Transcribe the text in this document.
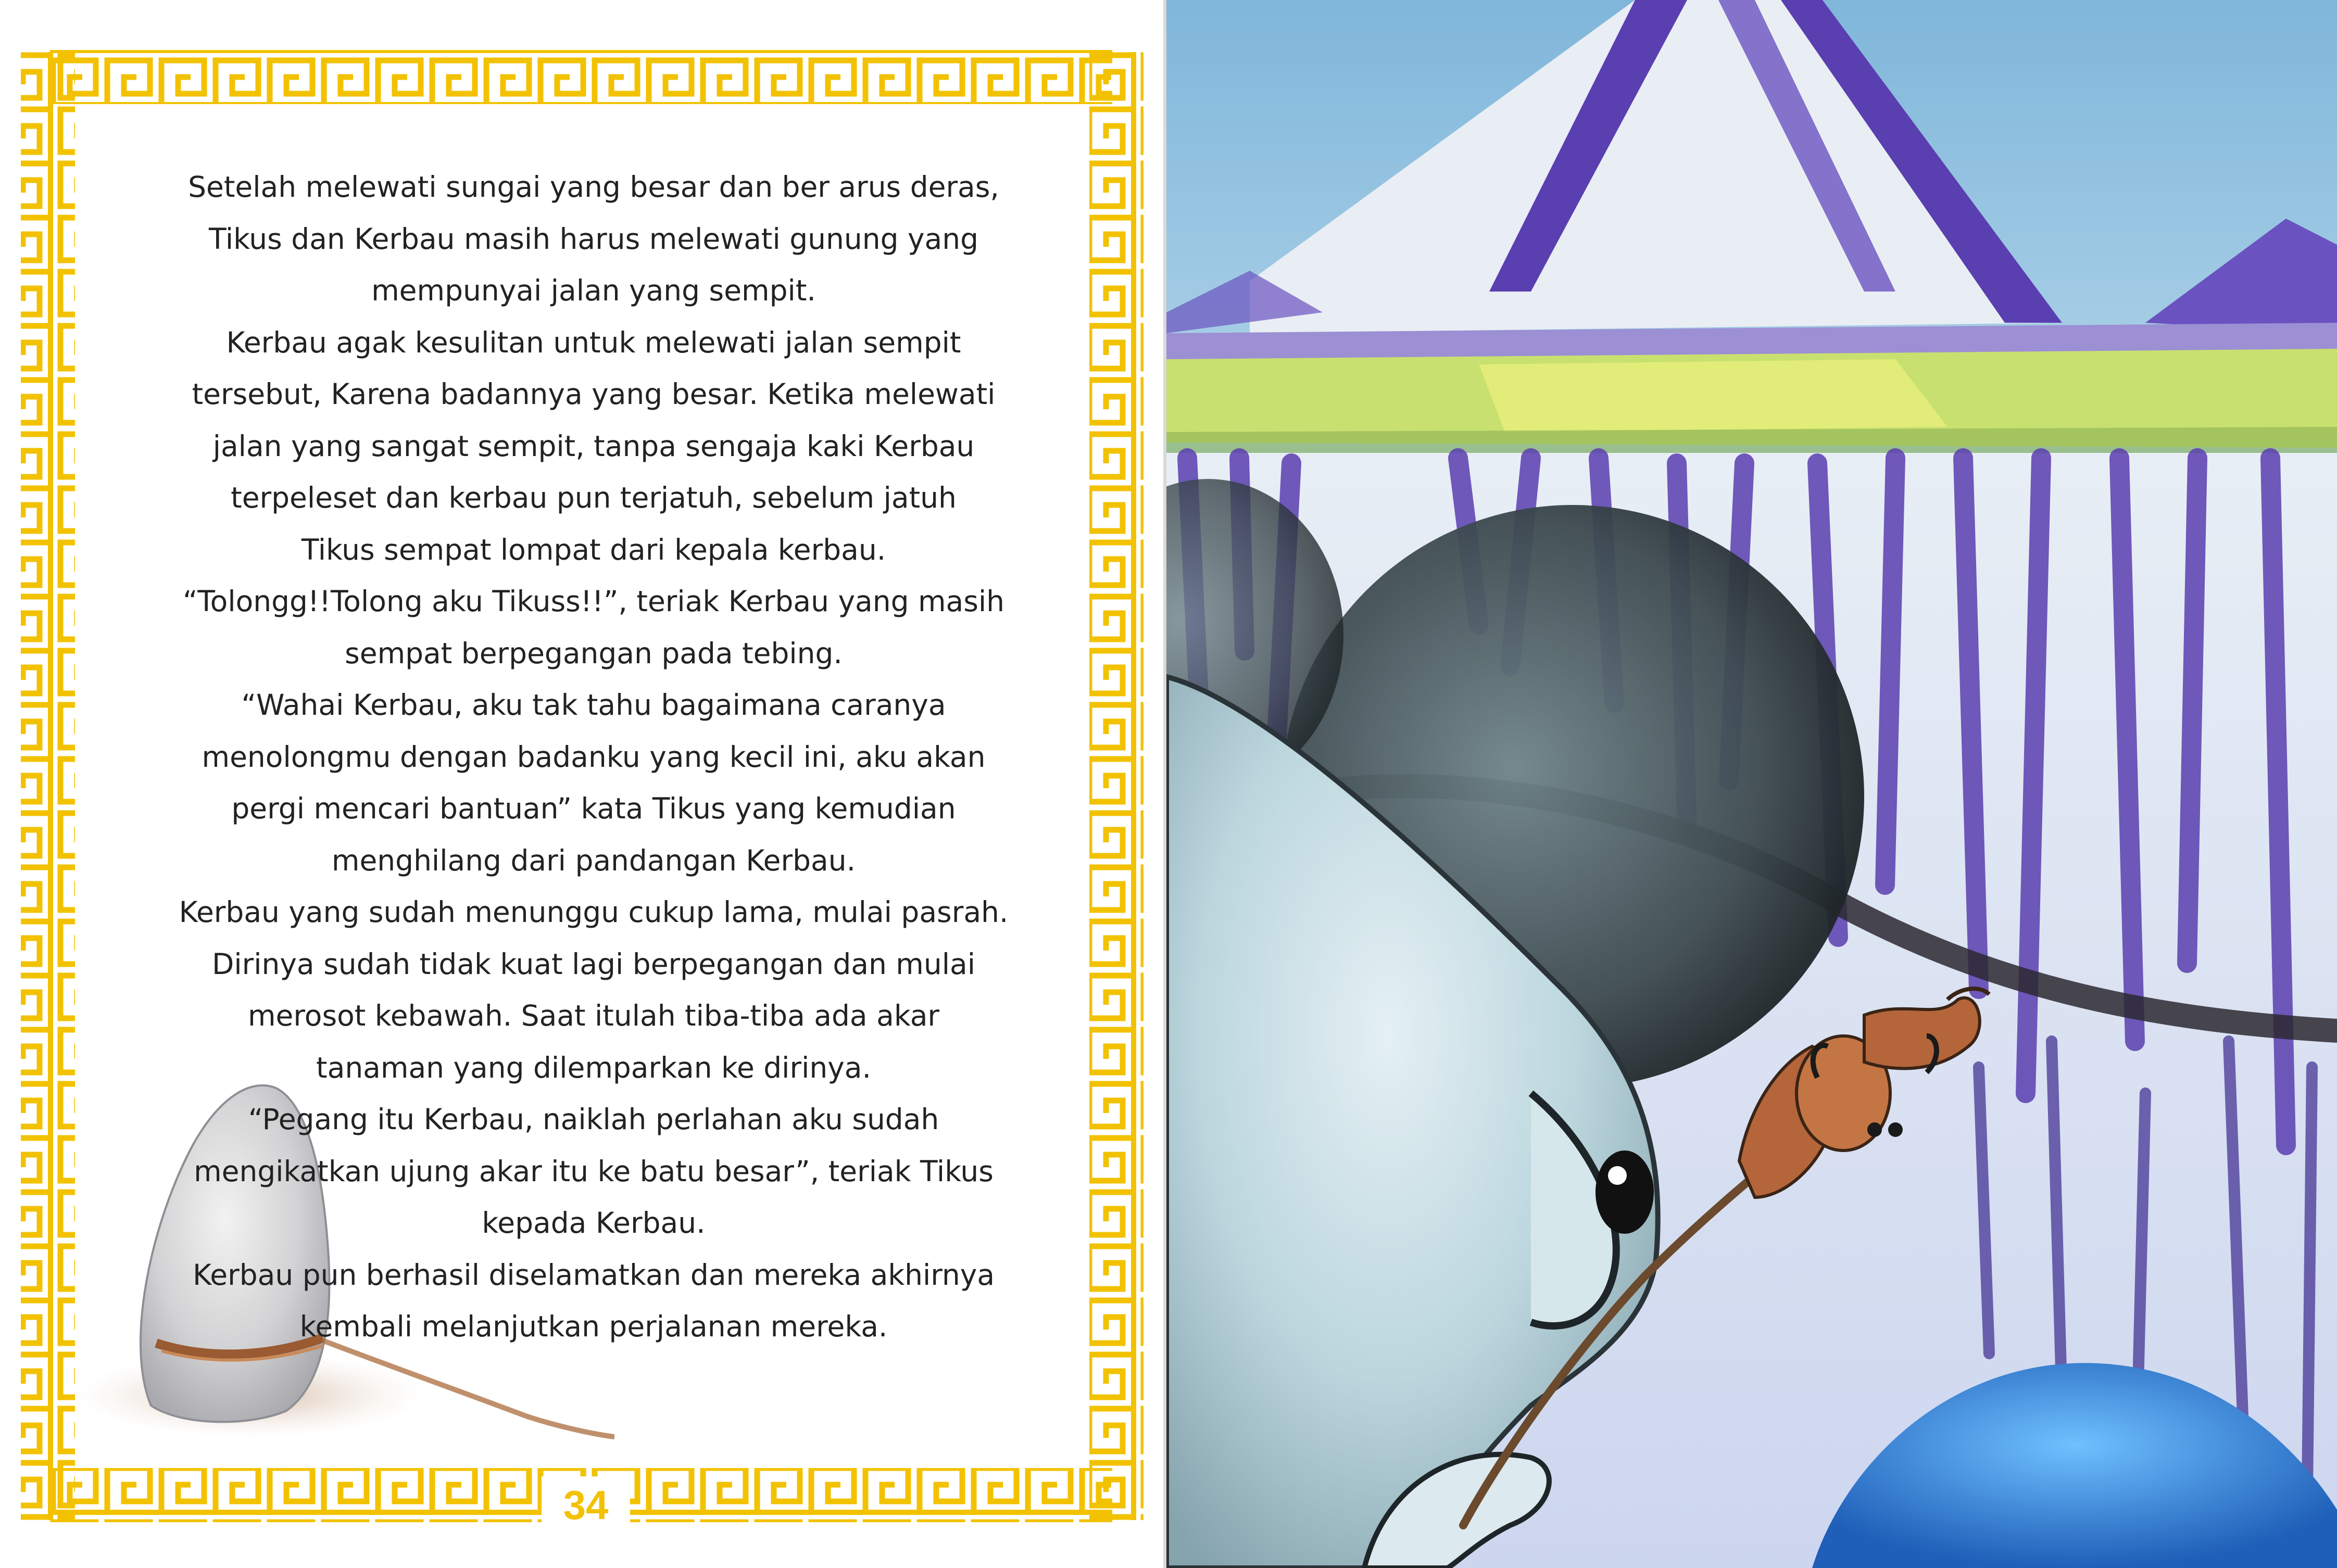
Setelah melewati sungai yang besar dan ber arus deras,
Tikus dan Kerbau masih harus melewati gunung yang
mempunyai jalan yang sempit.
Kerbau agak kesulitan untuk melewati jalan sempit
tersebut, Karena badannya yang besar. Ketika melewati
jalan yang sangat sempit, tanpa sengaja kaki Kerbau
terpeleset dan kerbau pun terjatuh, sebelum jatuh
Tikus sempat lompat dari kepala kerbau.
“Tolongg!!Tolong aku Tikuss!!”, teriak Kerbau yang masih
sempat berpegangan pada tebing.
“Wahai Kerbau, aku tak tahu bagaimana caranya
menolongmu dengan badanku yang kecil ini, aku akan
pergi mencari bantuan” kata Tikus yang kemudian
menghilang dari pandangan Kerbau.
Kerbau yang sudah menunggu cukup lama, mulai pasrah.
Dirinya sudah tidak kuat lagi berpegangan dan mulai
merosot kebawah. Saat itulah tiba-tiba ada akar
tanaman yang dilemparkan ke dirinya.
“Pegang itu Kerbau, naiklah perlahan aku sudah
mengikatkan ujung akar itu ke batu besar”, teriak Tikus
kepada Kerbau.
Kerbau pun berhasil diselamatkan dan mereka akhirnya
kembali melanjutkan perjalanan mereka.
34
